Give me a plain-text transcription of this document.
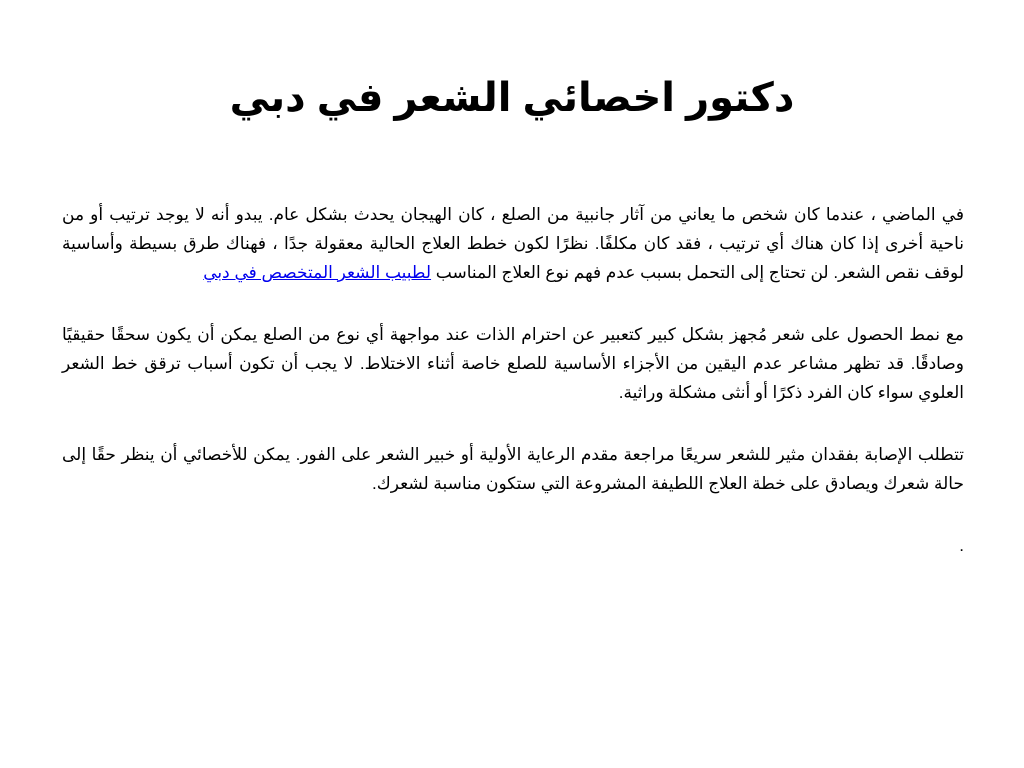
دكتور اخصائي الشعر في دبي

في الماضي ، عندما كان شخص ما يعاني من آثار جانبية من الصلع ، كان الهيجان يحدث بشكل عام. يبدو أنه لا يوجد ترتيب أو من ناحية أخرى إذا كان هناك أي ترتيب ، فقد كان مكلفًا. نظرًا لكون خطط العلاج الحالية معقولة جدًا ، فهناك طرق بسيطة وأساسية لوقف نقص الشعر. لن تحتاج إلى التحمل بسبب عدم فهم نوع العلاج المناسب لطبيب الشعر المتخصص في دبي

مع نمط الحصول على شعر مُجهز بشكل كبير كتعبير عن احترام الذات عند مواجهة أي نوع من الصلع يمكن أن يكون سحقًا حقيقيًا وصادقًا. قد تظهر مشاعر عدم اليقين من الأجزاء الأساسية للصلع خاصة أثناء الاختلاط. لا يجب أن تكون أسباب ترقق خط الشعر العلوي سواء كان الفرد ذكرًا أو أنثى مشكلة وراثية.

تتطلب الإصابة بفقدان مثير للشعر سريعًا مراجعة مقدم الرعاية الأولية أو خبير الشعر على الفور. يمكن للأخصائي أن ينظر حقًا إلى حالة شعرك ويصادق على خطة العلاج اللطيفة المشروعة التي ستكون مناسبة لشعرك.

.
